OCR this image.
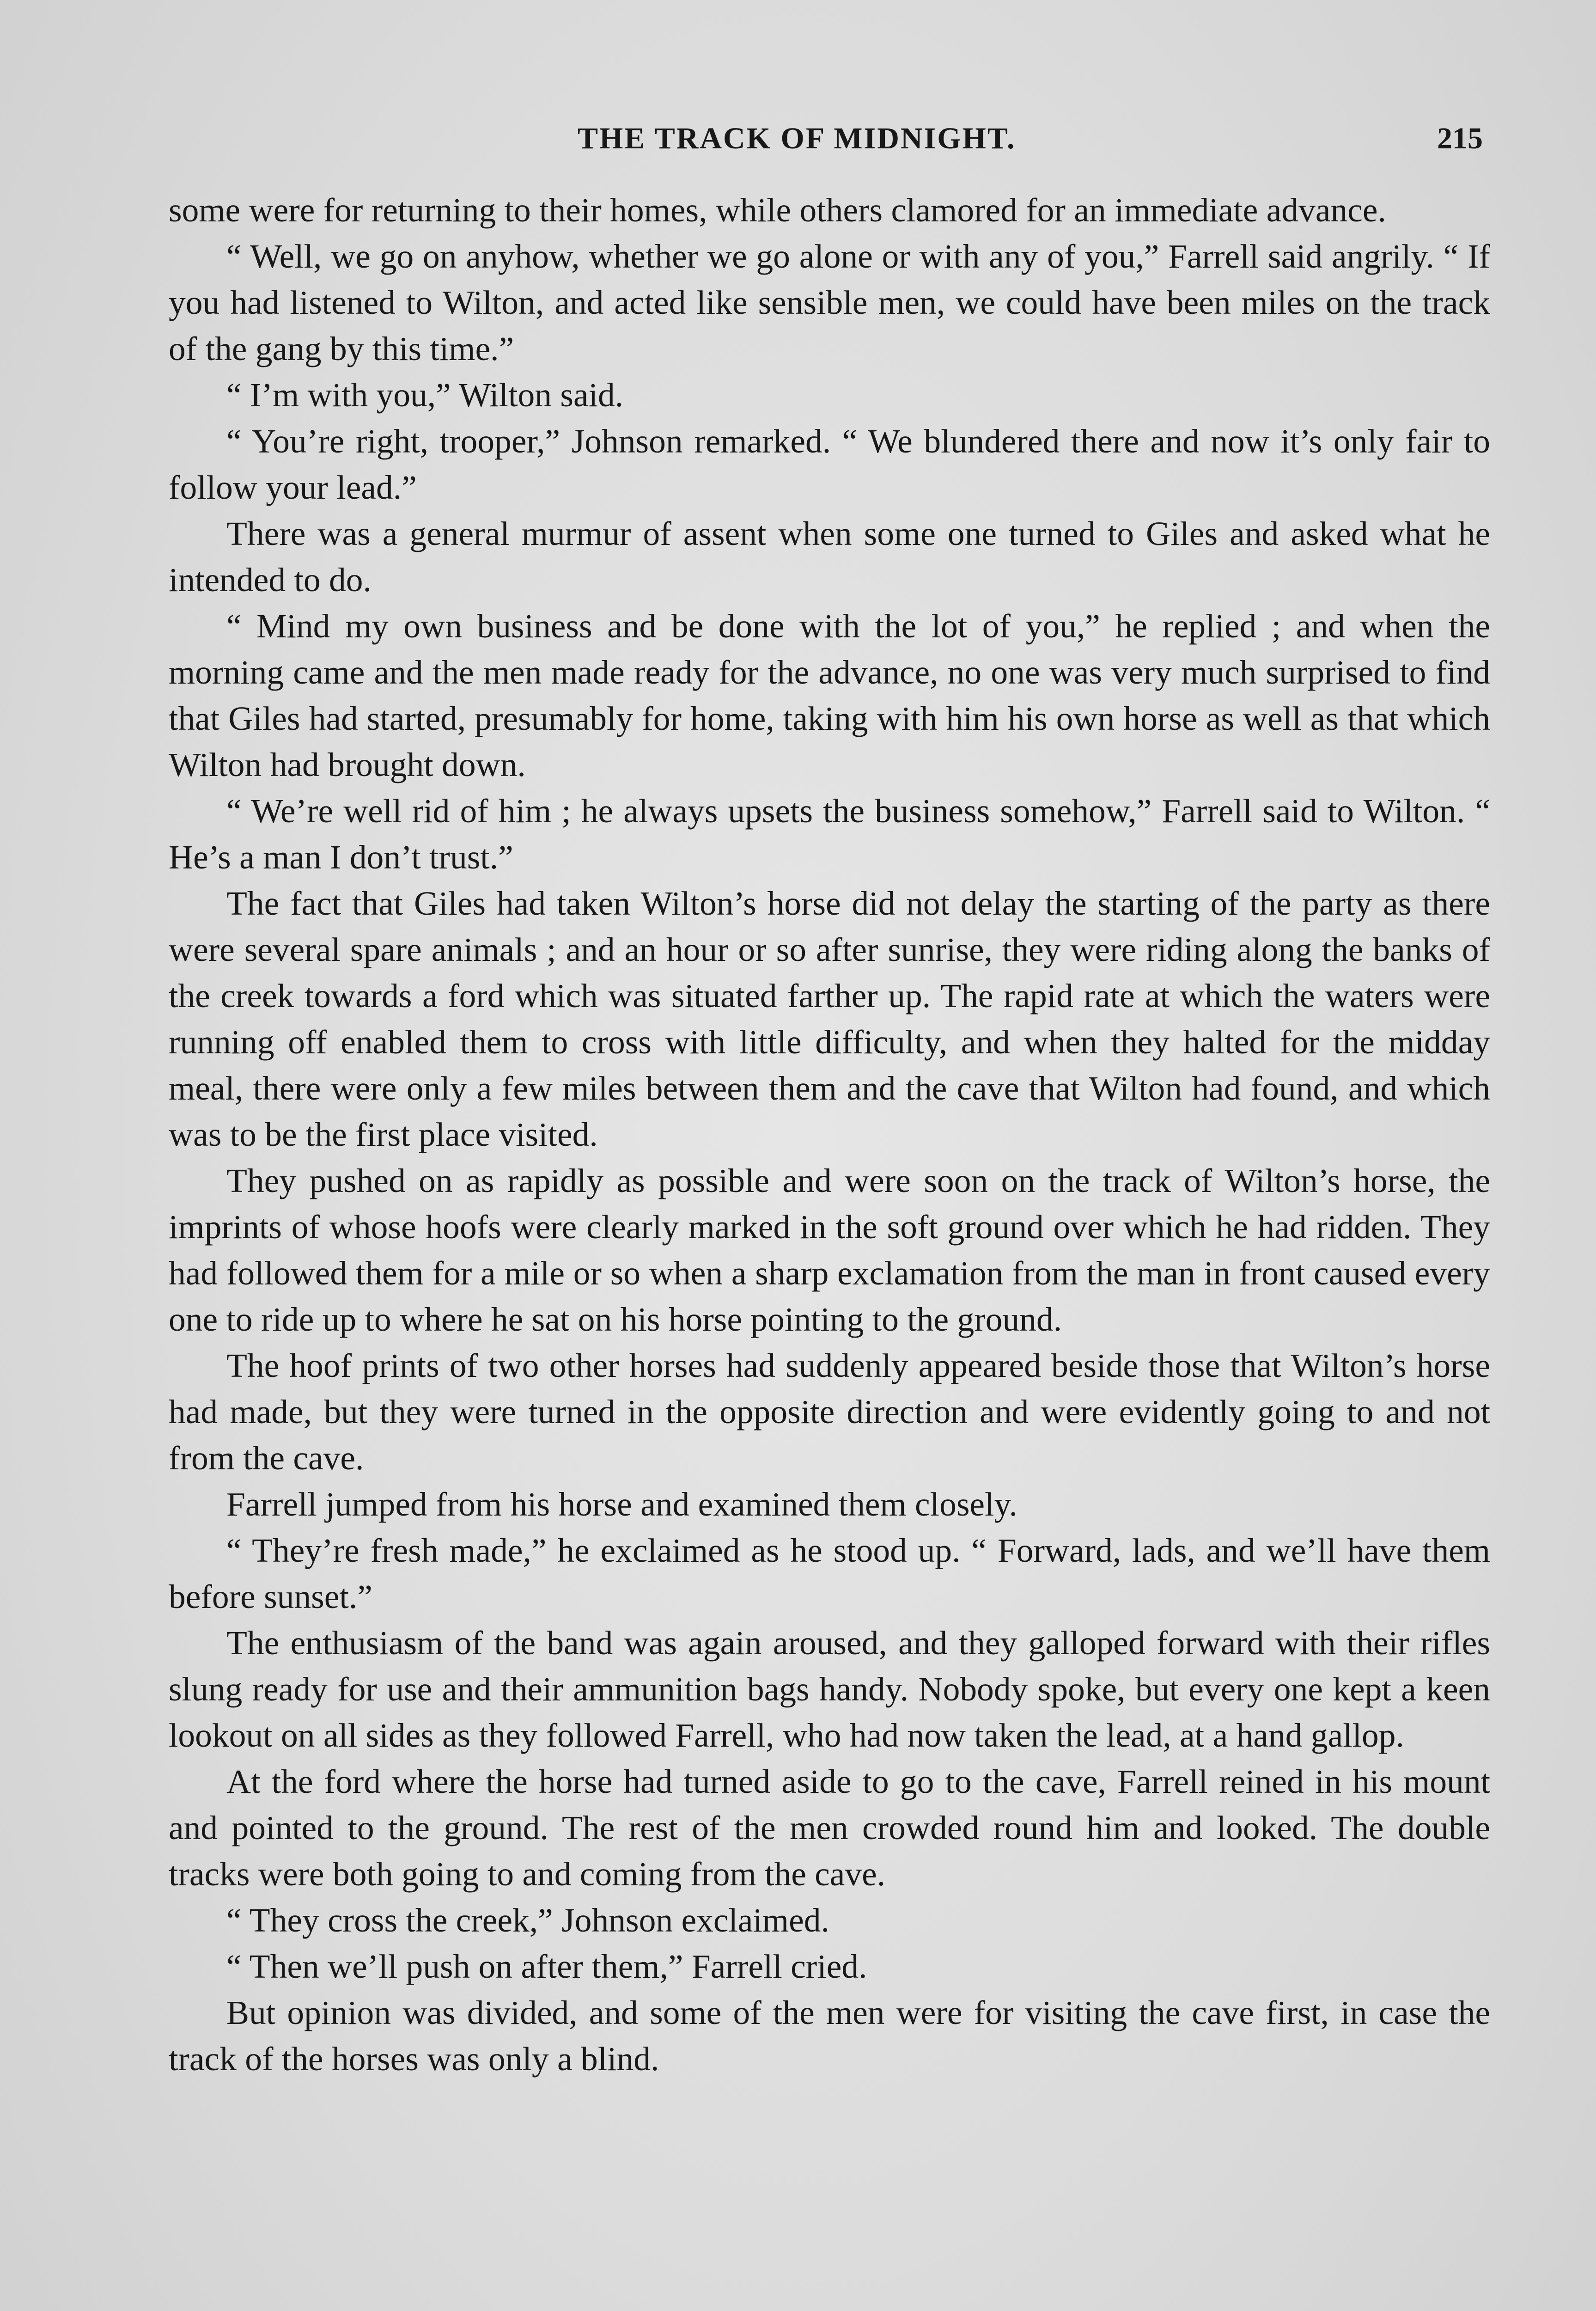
THE TRACK OF MIDNIGHT.	215

some were for returning to their homes, while others clamored for an immediate advance.

“ Well, we go on anyhow, whether we go alone or with any of you,” Farrell said angrily. “ If you had listened to Wilton, and acted like sensible men, we could have been miles on the track of the gang by this time.”

“ I’m with you,” Wilton said.

“ You’re right, trooper,” Johnson remarked. “ We blundered there and now it’s only fair to follow your lead.”

There was a general murmur of assent when some one turned to Giles and asked what he intended to do.

“ Mind my own business and be done with the lot of you,” he replied ; and when the morning came and the men made ready for the advance, no one was very much surprised to find that Giles had started, presumably for home, taking with him his own horse as well as that which Wilton had brought down.

“ We’re well rid of him ; he always upsets the business somehow,” Farrell said to Wilton. “ He’s a man I don’t trust.”

The fact that Giles had taken Wilton’s horse did not delay the starting of the party as there were several spare animals ; and an hour or so after sunrise, they were riding along the banks of the creek towards a ford which was situated farther up. The rapid rate at which the waters were running off enabled them to cross with little difficulty, and when they halted for the midday meal, there were only a few miles between them and the cave that Wilton had found, and which was to be the first place visited.

They pushed on as rapidly as possible and were soon on the track of Wilton’s horse, the imprints of whose hoofs were clearly marked in the soft ground over which he had ridden. They had followed them for a mile or so when a sharp exclamation from the man in front caused every one to ride up to where he sat on his horse pointing to the ground.

The hoof prints of two other horses had suddenly appeared beside those that Wilton’s horse had made, but they were turned in the opposite direction and were evidently going to and not from the cave.

Farrell jumped from his horse and examined them closely.

“ They’re fresh made,” he exclaimed as he stood up. “ Forward, lads, and we’ll have them before sunset.”

The enthusiasm of the band was again aroused, and they galloped forward with their rifles slung ready for use and their ammunition bags handy. Nobody spoke, but every one kept a keen lookout on all sides as they followed Farrell, who had now taken the lead, at a hand gallop.

At the ford where the horse had turned aside to go to the cave, Farrell reined in his mount and pointed to the ground. The rest of the men crowded round him and looked. The double tracks were both going to and coming from the cave.

“ They cross the creek,” Johnson exclaimed.

“ Then we’ll push on after them,” Farrell cried.

But opinion was divided, and some of the men were for visiting the cave first, in case the track of the horses was only a blind.
